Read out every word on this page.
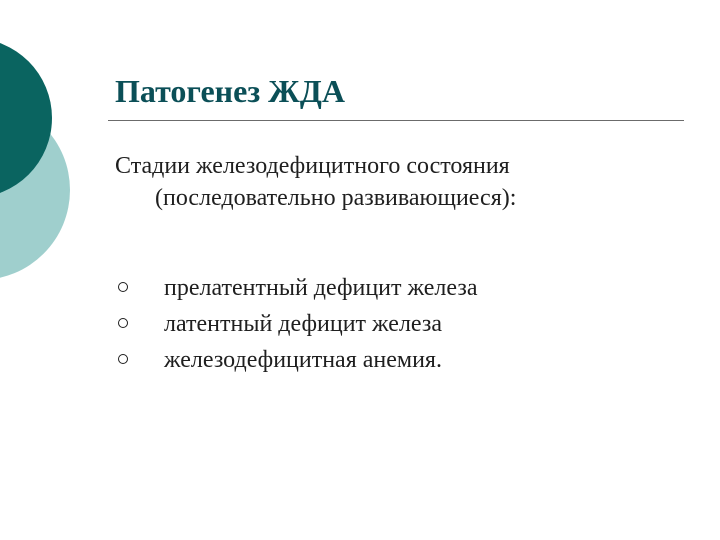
Патогенез ЖДА

Стадии железодефицитного состояния
(последовательно развивающиеся):

прелатентный дефицит железа
латентный дефицит железа
железодефицитная анемия.
